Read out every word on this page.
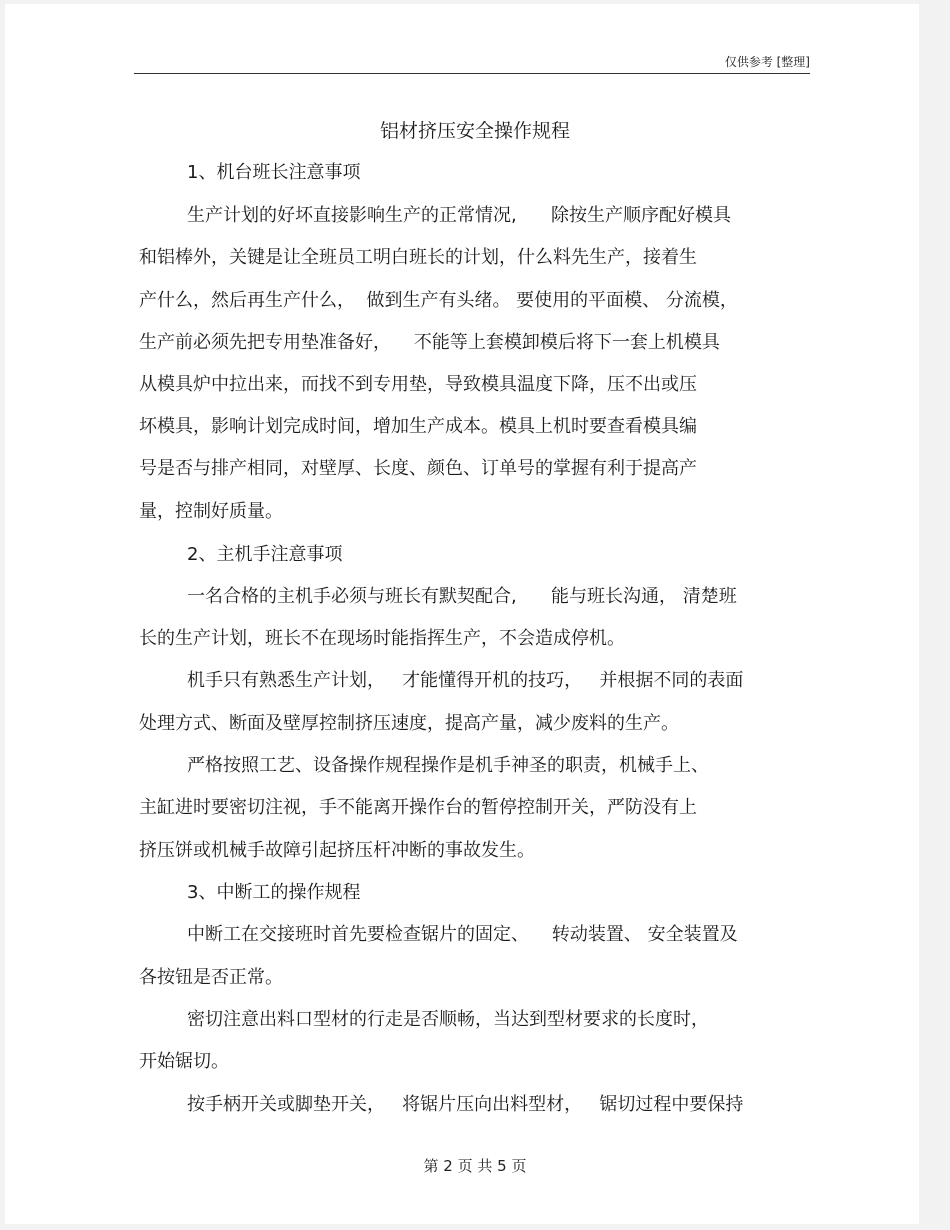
仅供参考 [整理]
铝材挤压安全操作规程
1、机台班长注意事项
生产计划的好坏直接影响生产的正常情况,      除按生产顺序配好模具
和铝棒外，关键是让全班员工明白班长的计划，什么料先生产，接着生
产什么，然后再生产什么，  做到生产有头绪。 要使用的平面模、 分流模，
生产前必须先把专用垫准备好，    不能等上套模卸模后将下一套上机模具
从模具炉中拉出来，而找不到专用垫，导致模具温度下降，压不出或压
坏模具，影响计划完成时间，增加生产成本。模具上机时要查看模具编
号是否与排产相同，对壁厚、长度、颜色、订单号的掌握有利于提高产
量，控制好质量。
2、主机手注意事项
一名合格的主机手必须与班长有默契配合,      能与班长沟通， 清楚班
长的生产计划，班长不在现场时能指挥生产，不会造成停机。
机手只有熟悉生产计划，   才能懂得开机的技巧，   并根据不同的表面
处理方式、断面及壁厚控制挤压速度，提高产量，减少废料的生产。
严格按照工艺、设备操作规程操作是机手神圣的职责，机械手上、
主缸进时要密切注视，手不能离开操作台的暂停控制开关，严防没有上
挤压饼或机械手故障引起挤压杆冲断的事故发生。
3、中断工的操作规程
中断工在交接班时首先要检查锯片的固定、    转动装置、 安全装置及
各按钮是否正常。
密切注意出料口型材的行走是否顺畅，当达到型材要求的长度时，
开始锯切。
按手柄开关或脚垫开关，   将锯片压向出料型材，   锯切过程中要保持
第 2 页 共 5 页
